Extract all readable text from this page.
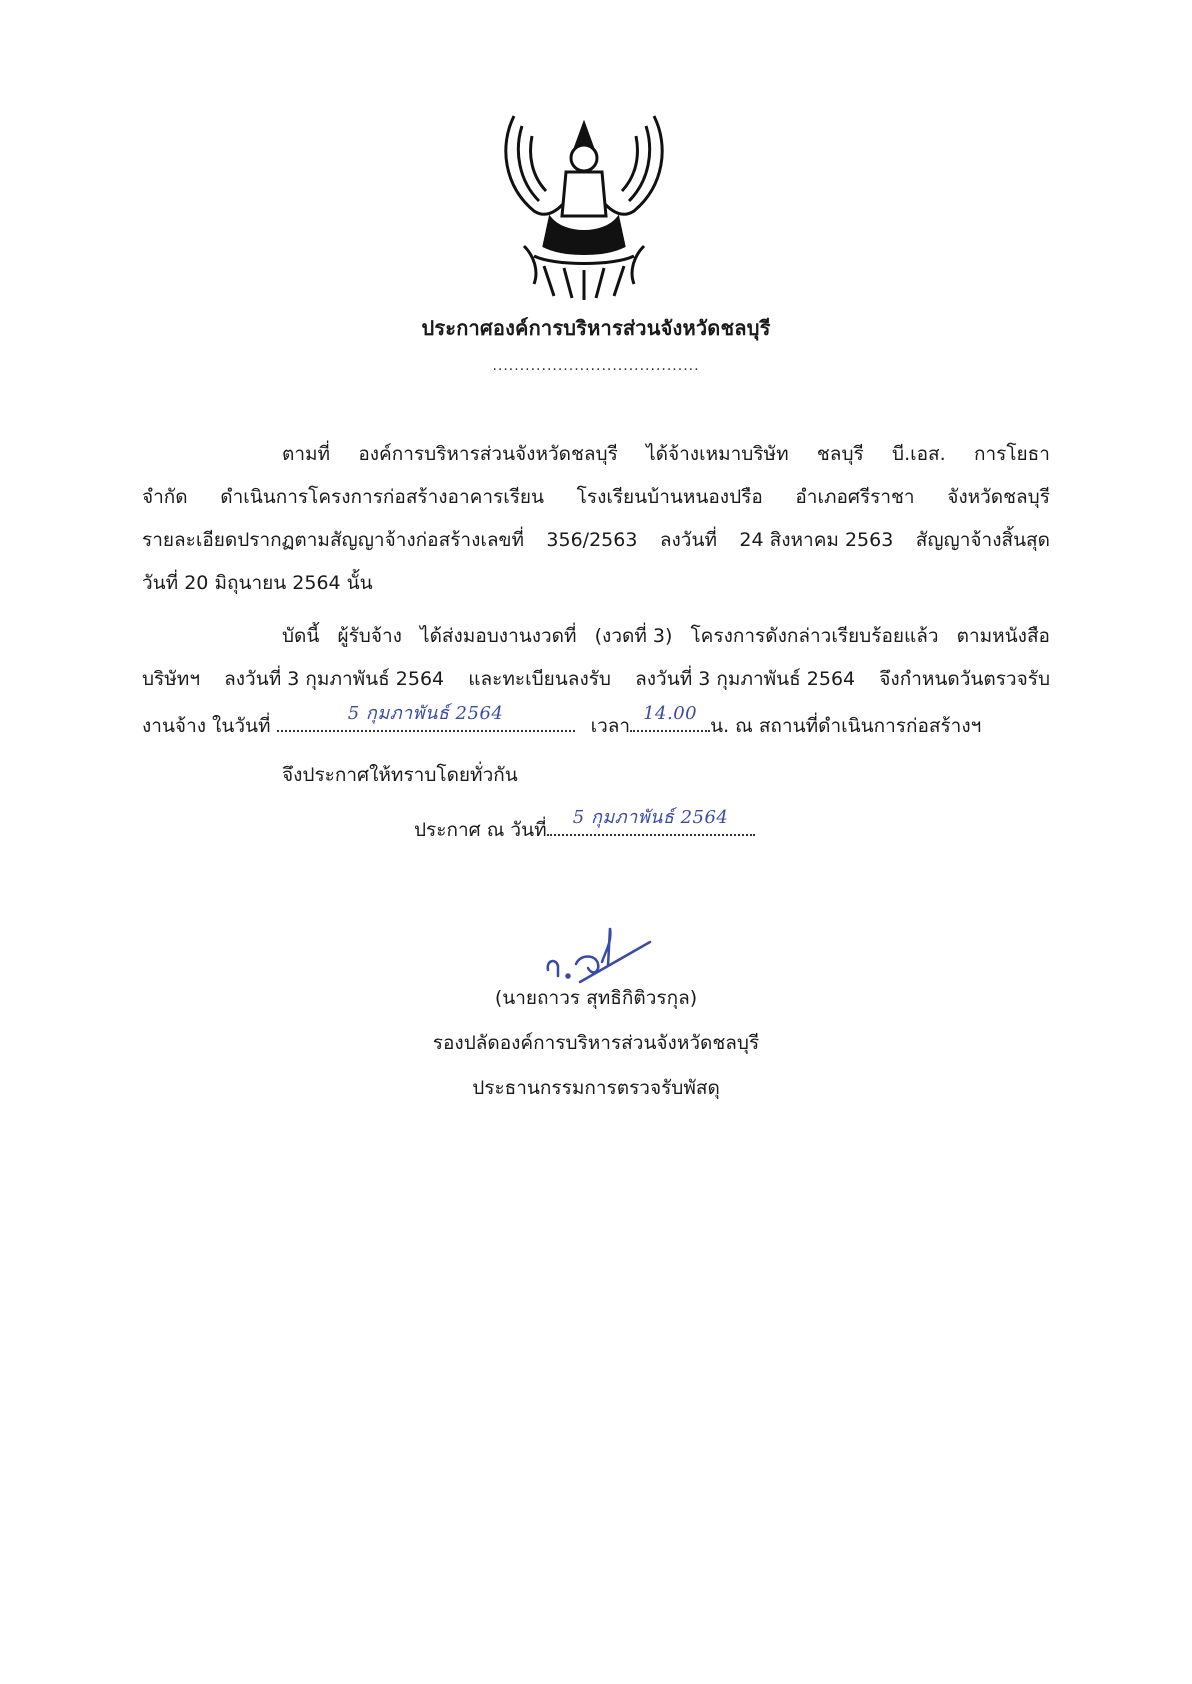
ประกาศองค์การบริหารส่วนจังหวัดชลบุรี
......................................
ตามที่ องค์การบริหารส่วนจังหวัดชลบุรี ได้จ้างเหมาบริษัท ชลบุรี บี.เอส. การโยธา
จำกัด ดำเนินการโครงการก่อสร้างอาคารเรียน โรงเรียนบ้านหนองปรือ อำเภอศรีราชา จังหวัดชลบุรี
รายละเอียดปรากฏตามสัญญาจ้างก่อสร้างเลขที่ 356/2563 ลงวันที่ 24 สิงหาคม 2563 สัญญาจ้างสิ้นสุด
วันที่ 20 มิถุนายน 2564 นั้น
บัดนี้ ผู้รับจ้าง ได้ส่งมอบงานงวดที่ (งวดที่ 3) โครงการดังกล่าวเรียบร้อยแล้ว ตามหนังสือ
บริษัทฯ ลงวันที่ 3 กุมภาพันธ์ 2564 และทะเบียนลงรับ ลงวันที่ 3 กุมภาพันธ์ 2564 จึงกำหนดวันตรวจรับ
งานจ้าง ในวันที่
5 กุมภาพันธ์ 2564
เวลา
14.00
น. ณ สถานที่ดำเนินการก่อสร้างฯ
จึงประกาศให้ทราบโดยทั่วกัน
ประกาศ ณ วันที่
5 กุมภาพันธ์ 2564
(นายถาวร สุทธิกิติวรกุล)
รองปลัดองค์การบริหารส่วนจังหวัดชลบุรี
ประธานกรรมการตรวจรับพัสดุ
